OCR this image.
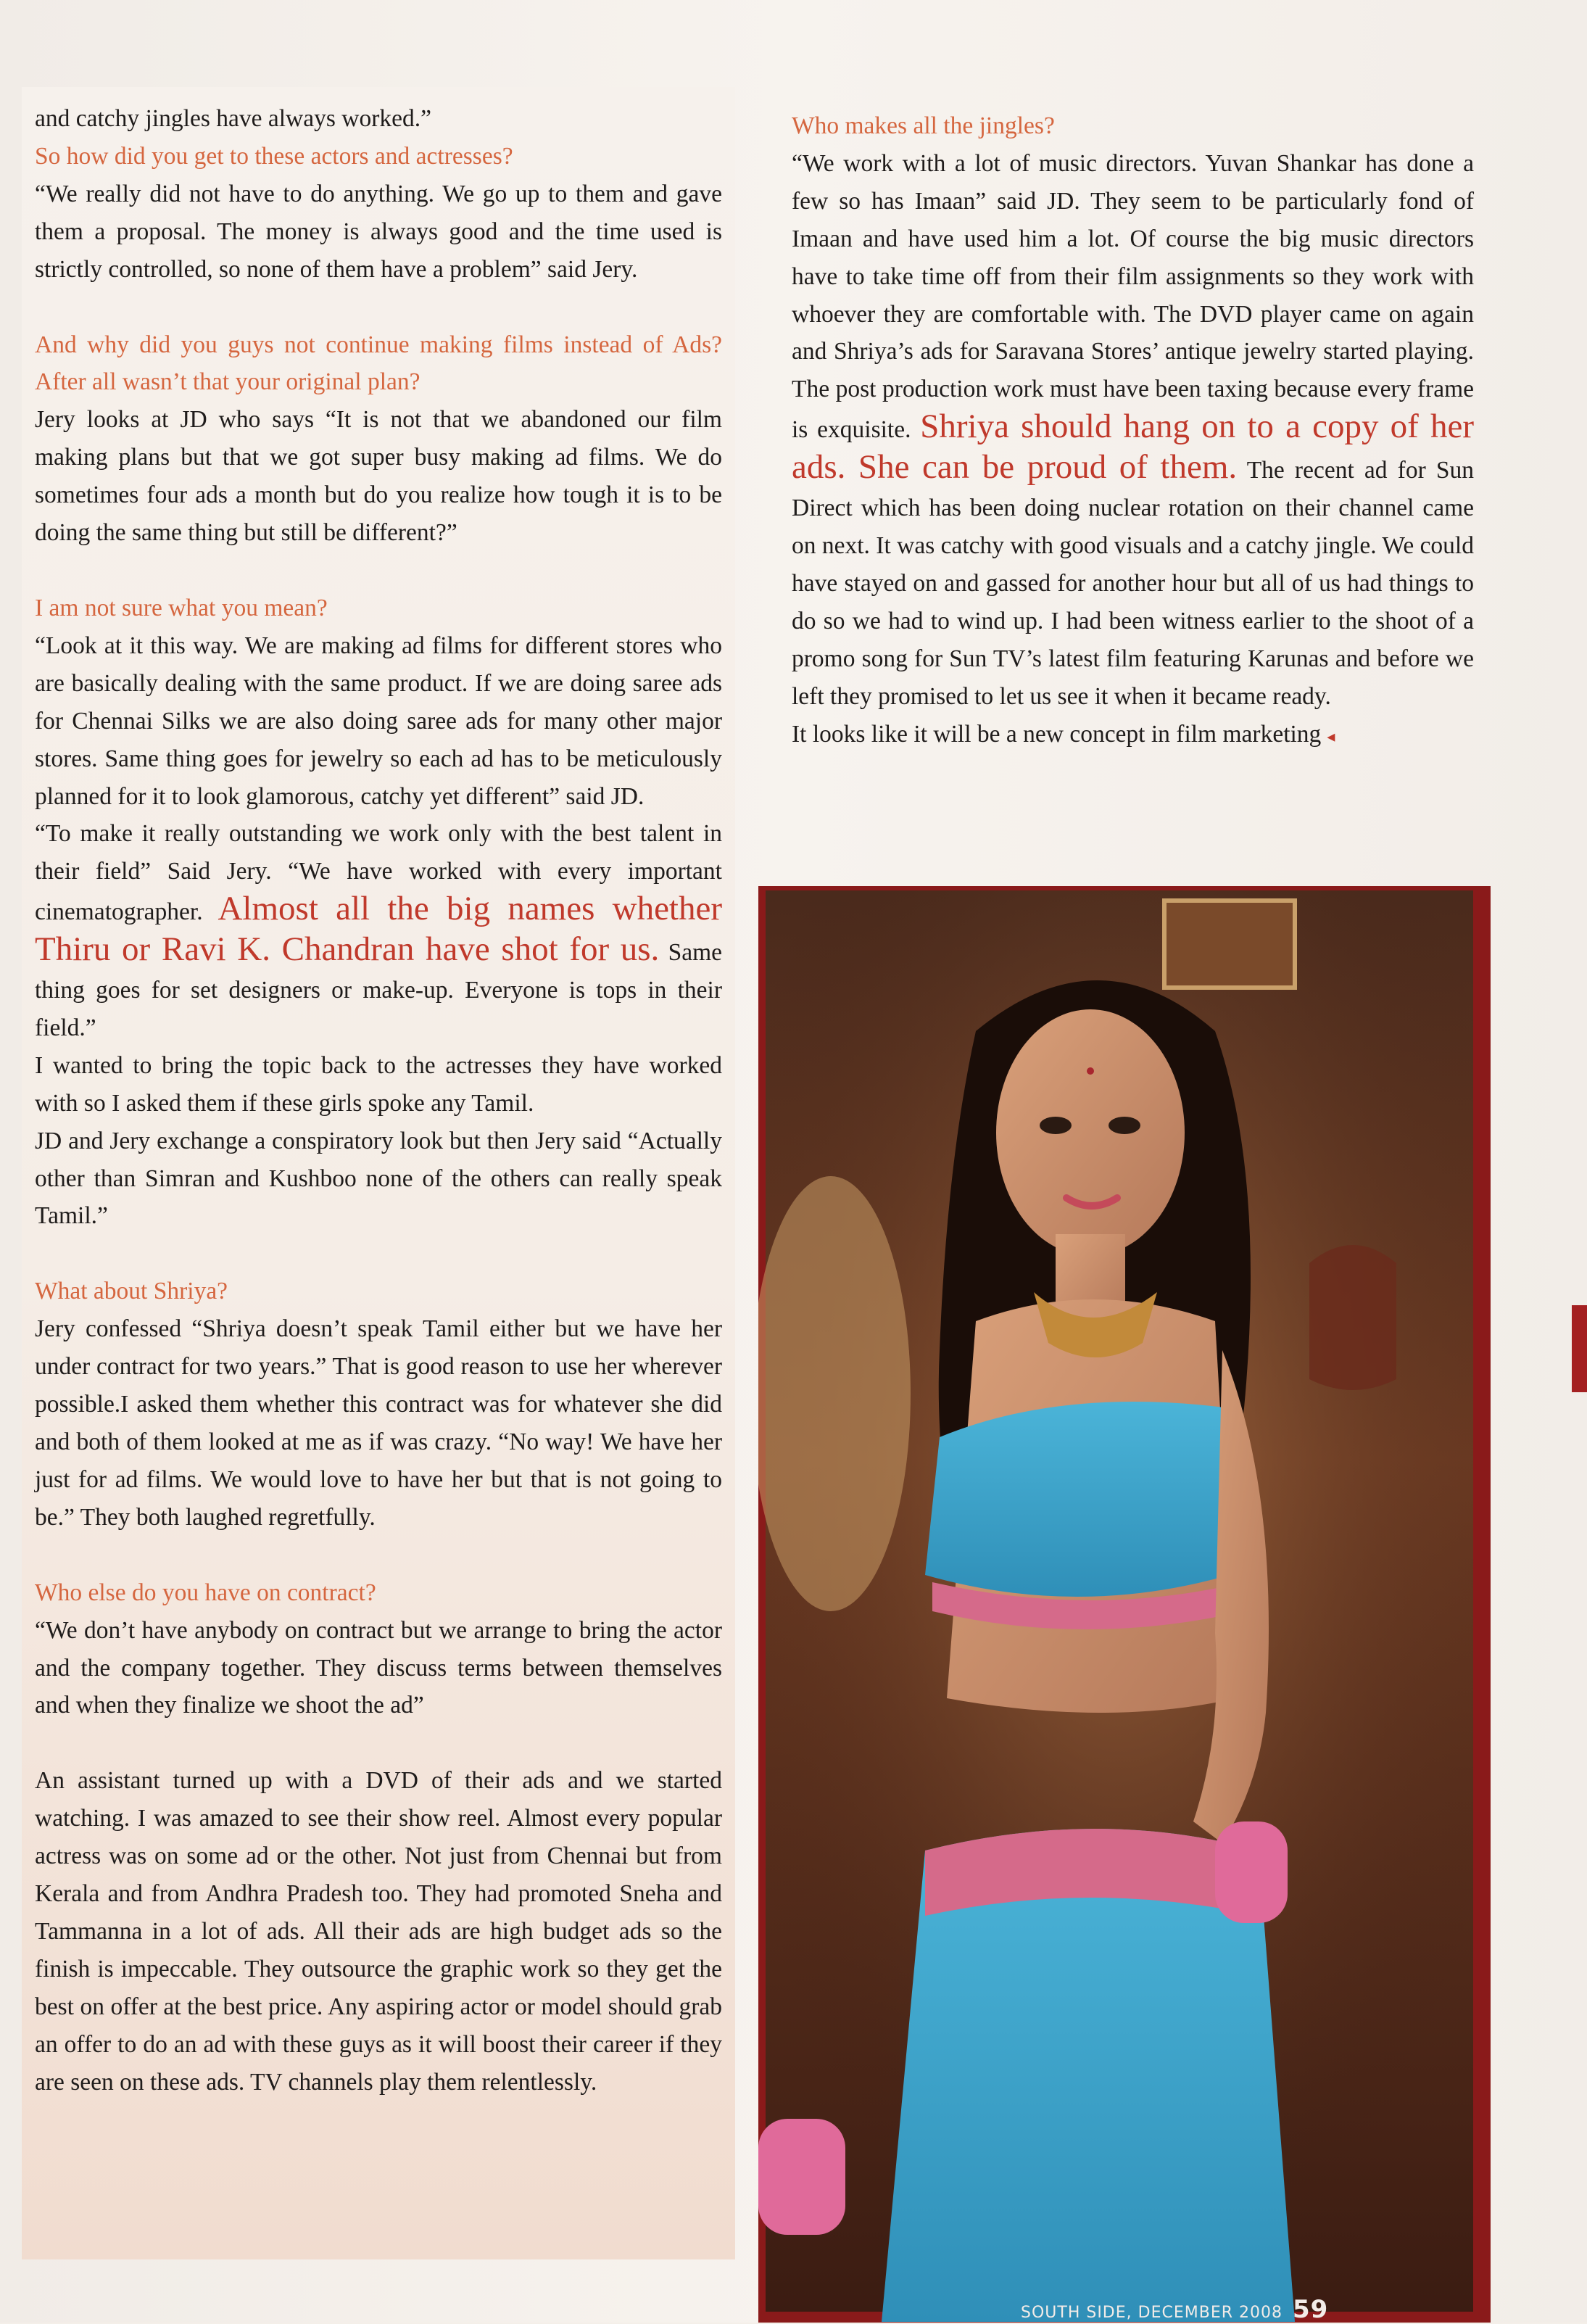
and catchy jingles have always worked.”

So how did you get to these actors and actresses?

“We really did not have to do anything. We go up to them and gave them a proposal. The money is always good and the time used is strictly controlled, so none of them have a problem” said Jery.

And why did you guys not continue making films instead of Ads? After all wasn’t that your original plan?

Jery looks at JD who says “It is not that we abandoned our film making plans but that we got super busy making ad films. We do sometimes four ads a month but do you realize how tough it is to be doing the same thing but still be different?”

I am not sure what you mean?

“Look at it this way. We are making ad films for different stores who are basically dealing with the same product. If we are doing saree ads for Chennai Silks we are also doing saree ads for many other major stores. Same thing goes for jewelry so each ad has to be meticulously planned for it to look glamorous, catchy yet different” said JD.

“To make it really outstanding we work only with the best talent in their field” Said Jery. “We have worked with every important cinematographer. Almost all the big names whether Thiru or Ravi K. Chandran have shot for us. Same thing goes for set designers or make-up. Everyone is tops in their field.”

I wanted to bring the topic back to the actresses they have worked with so I asked them if these girls spoke any Tamil.

JD and Jery exchange a conspiratory look but then Jery said “Actually other than Simran and Kushboo none of the others can really speak Tamil.”

What about Shriya?

Jery confessed “Shriya doesn’t speak Tamil either but we have her under contract for two years.” That is good reason to use her wherever possible.I asked them whether this contract was for whatever she did and both of them looked at me as if was crazy. “No way! We have her just for ad films. We would love to have her but that is not going to be.” They both laughed regretfully.

Who else do you have on contract?

“We don’t have anybody on contract but we arrange to bring the actor and the company together. They discuss terms between themselves and when they finalize we shoot the ad”

An assistant turned up with a DVD of their ads and we started watching. I was amazed to see their show reel. Almost every popular actress was on some ad or the other. Not just from Chennai but from Kerala and from Andhra Pradesh too. They had promoted Sneha and Tammanna in a lot of ads. All their ads are high budget ads so the finish is impeccable. They outsource the graphic work so they get the best on offer at the best price. Any aspiring actor or model should grab an offer to do an ad with these guys as it will boost their career if they are seen on these ads. TV channels play them relentlessly.

Who makes all the jingles?

“We work with a lot of music directors. Yuvan Shankar has done a few so has Imaan” said JD. They seem to be particularly fond of Imaan and have used him a lot. Of course the big music directors have to take time off from their film assignments so they work with whoever they are comfortable with. The DVD player came on again and Shriya’s ads for Saravana Stores’ antique jewelry started playing. The post production work must have been taxing because every frame is exquisite. Shriya should hang on to a copy of her ads. She can be proud of them. The recent ad for Sun Direct which has been doing nuclear rotation on their channel came on next. It was catchy with good visuals and a catchy jingle. We could have stayed on and gassed for another hour but all of us had things to do so we had to wind up. I had been witness earlier to the shoot of a promo song for Sun TV’s latest film featuring Karunas and before we left they promised to let us see it when it became ready.

It looks like it will be a new concept in film marketing ◂

SOUTH SIDE, DECEMBER 2008 59
